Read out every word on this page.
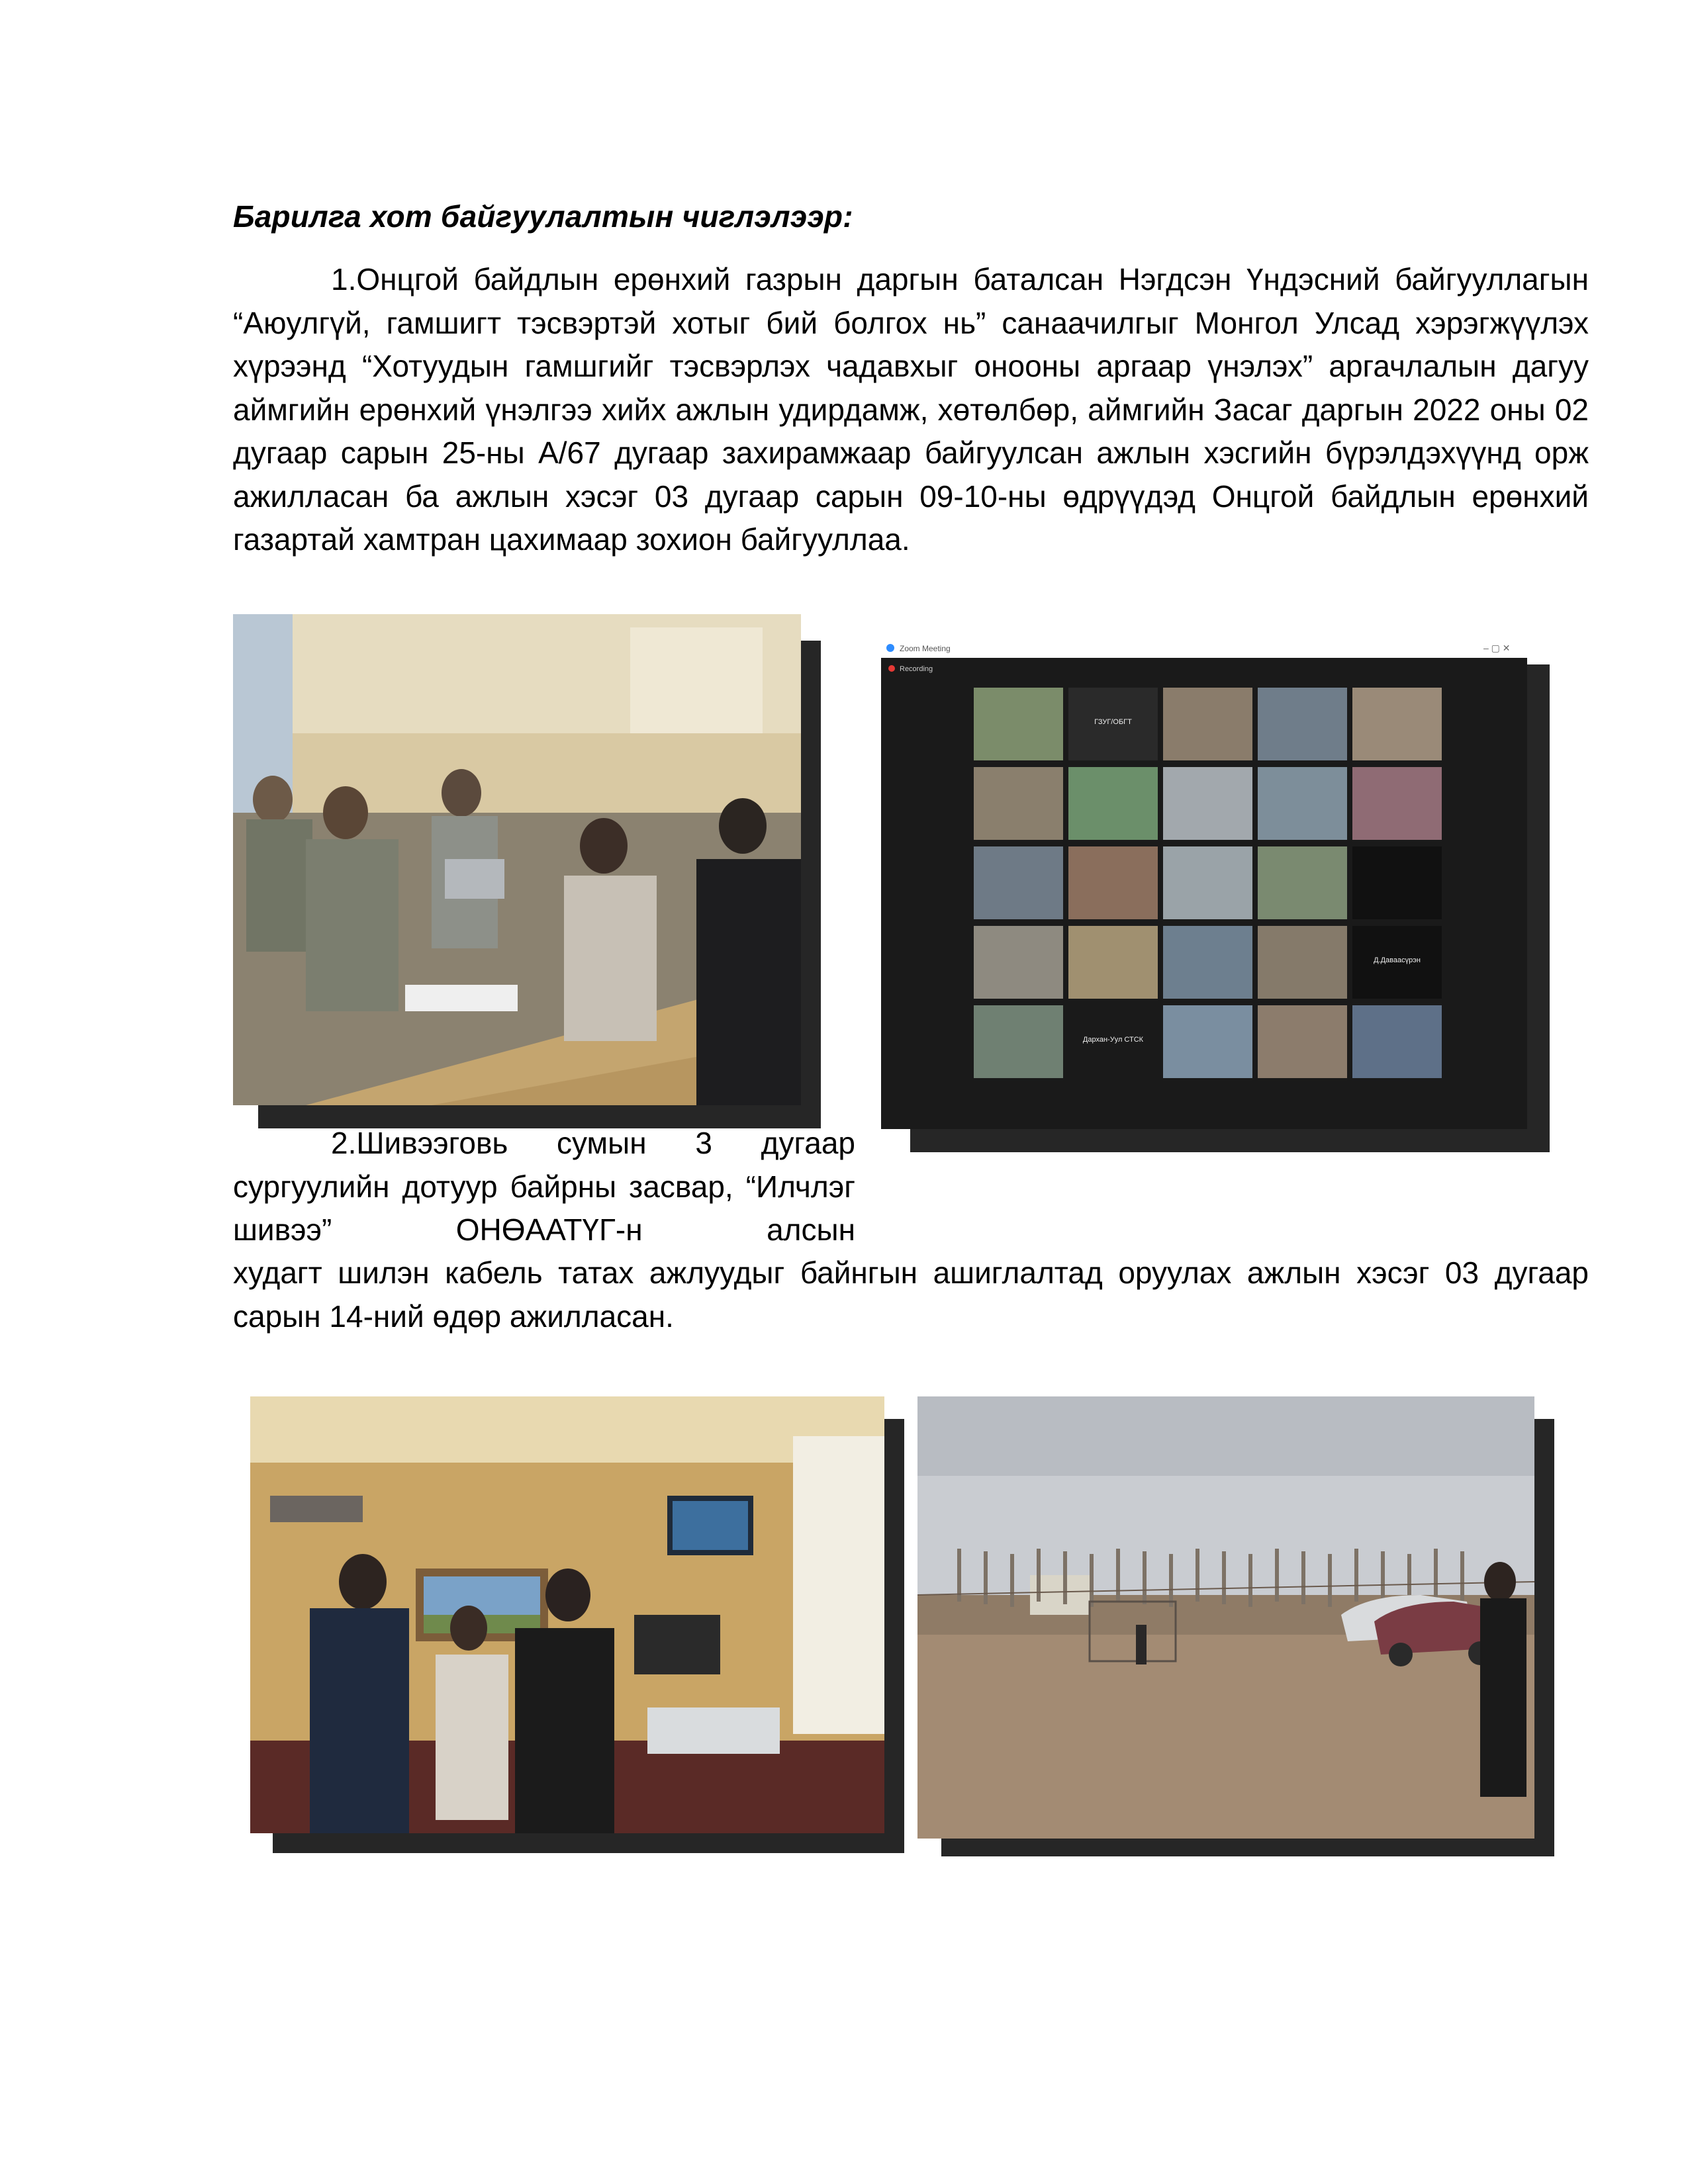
Барилга хот байгуулалтын чиглэлээр:

1.Онцгой байдлын ерөнхий газрын даргын баталсан Нэгдсэн Үндэсний байгууллагын “Аюулгүй, гамшигт тэсвэртэй хотыг бий болгох нь” санаачилгыг Монгол Улсад хэрэгжүүлэх хүрээнд “Хотуудын гамшгийг тэсвэрлэх чадавхыг онооны аргаар үнэлэх” аргачлалын дагуу аймгийн ерөнхий үнэлгээ хийх ажлын удирдамж, хөтөлбөр, аймгийн Засаг даргын 2022 оны 02 дугаар сарын 25-ны А/67 дугаар захирамжаар байгуулсан ажлын хэсгийн бүрэлдэхүүнд орж ажилласан ба ажлын хэсэг 03 дугаар сарын 09-10-ны өдрүүдэд Онцгой байдлын ерөнхий газартай хамтран цахимаар зохион байгууллаа.

Zoom Meeting	– ▢ ✕
Recording
ГЗУГ/ОБГТ
Д.Даваасүрэн
Дархан-Уул СТСК

2.Шивээговь сумын 3 дугаар сургуулийн дотуур байрны засвар, “Илчлэг шивээ” ОНӨААТҮГ-н алсын

худагт шилэн кабель татах ажлуудыг байнгын ашиглалтад оруулах ажлын хэсэг 03 дугаар сарын 14-ний өдөр ажилласан.
